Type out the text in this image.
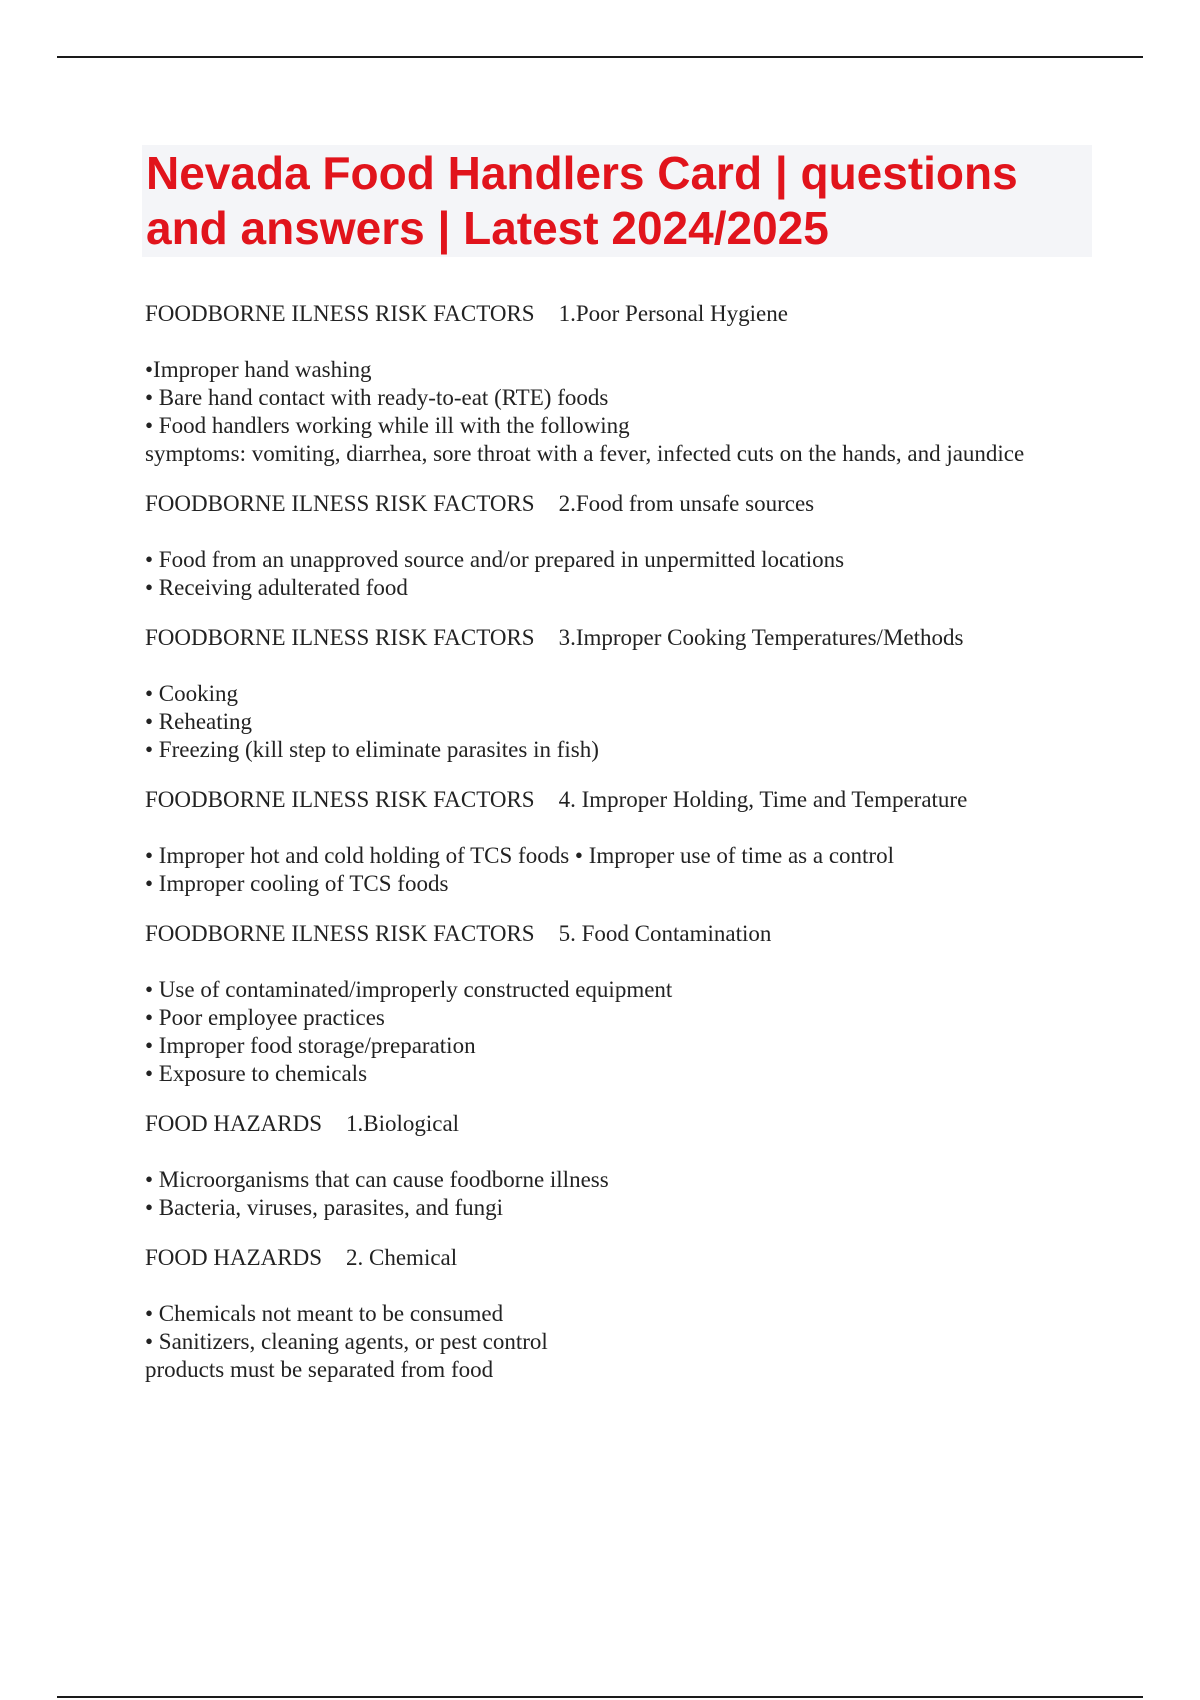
Nevada Food Handlers Card | questions and answers | Latest 2024/2025
FOODBORNE ILNESS RISK FACTORS 1.Poor Personal Hygiene
•Improper hand washing
• Bare hand contact with ready-to-eat (RTE) foods
• Food handlers working while ill with the following
symptoms: vomiting, diarrhea, sore throat with a fever, infected cuts on the hands, and jaundice
FOODBORNE ILNESS RISK FACTORS 2.Food from unsafe sources
• Food from an unapproved source and/or prepared in unpermitted locations
• Receiving adulterated food
FOODBORNE ILNESS RISK FACTORS 3.Improper Cooking Temperatures/Methods
• Cooking
• Reheating
• Freezing (kill step to eliminate parasites in fish)
FOODBORNE ILNESS RISK FACTORS 4. Improper Holding, Time and Temperature
• Improper hot and cold holding of TCS foods • Improper use of time as a control
• Improper cooling of TCS foods
FOODBORNE ILNESS RISK FACTORS 5. Food Contamination
• Use of contaminated/improperly constructed equipment
• Poor employee practices
• Improper food storage/preparation
• Exposure to chemicals
FOOD HAZARDS 1.Biological
• Microorganisms that can cause foodborne illness
• Bacteria, viruses, parasites, and fungi
FOOD HAZARDS 2. Chemical
• Chemicals not meant to be consumed
• Sanitizers, cleaning agents, or pest control
products must be separated from food
